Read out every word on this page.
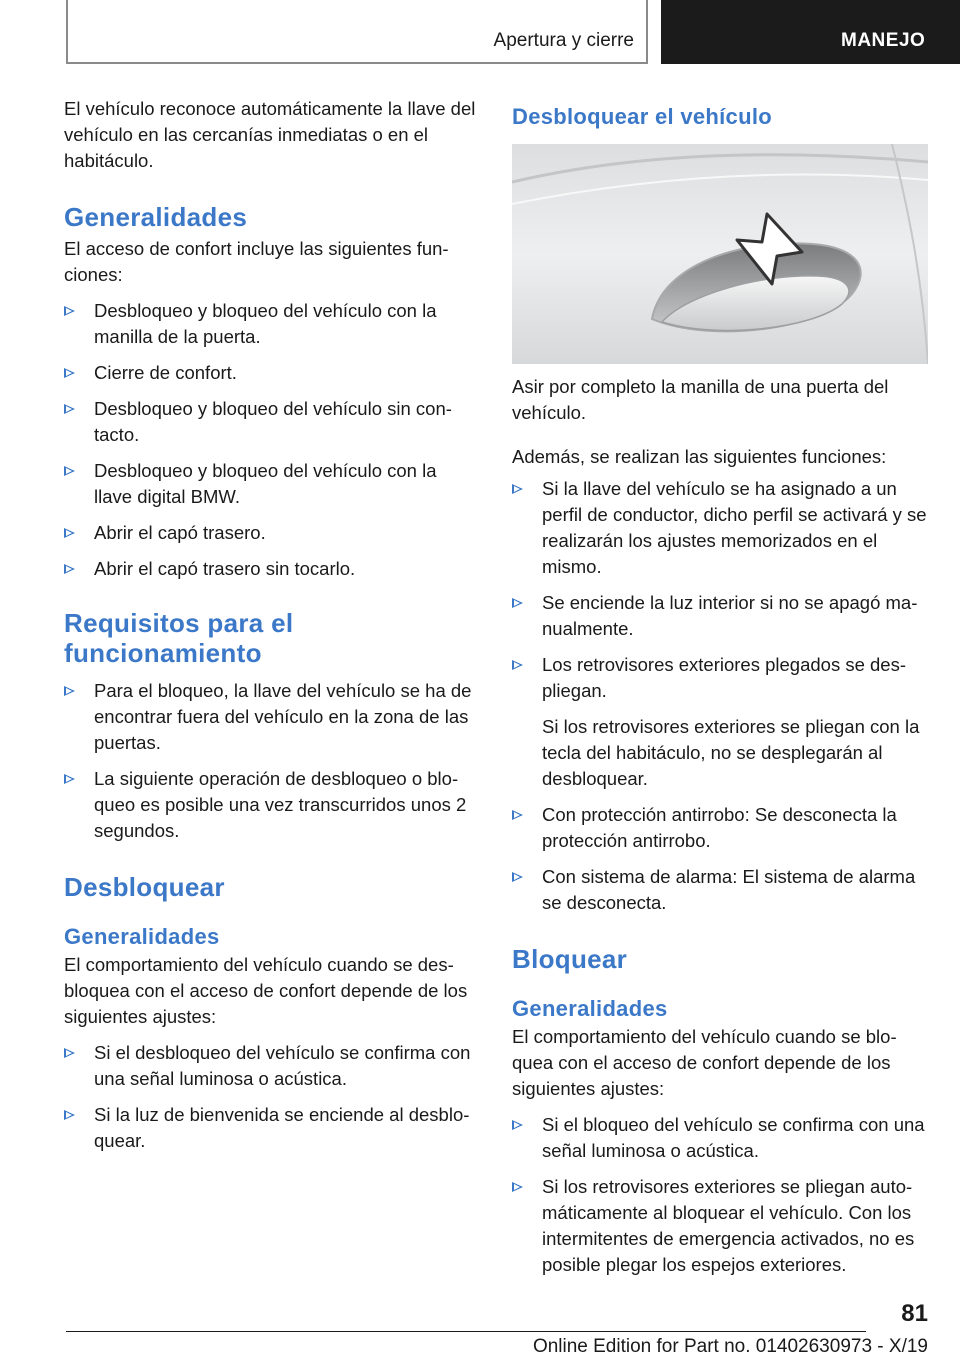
Apertura y cierre	MANEJO

El vehículo reconoce automáticamente la llave del vehículo en las cercanías inmediatas o en el habitáculo.

Generalidades

El acceso de confort incluye las siguientes fun-ciones:

Desbloqueo y bloqueo del vehículo con la manilla de la puerta.
Cierre de confort.
Desbloqueo y bloqueo del vehículo sin con-tacto.
Desbloqueo y bloqueo del vehículo con la llave digital BMW.
Abrir el capó trasero.
Abrir el capó trasero sin tocarlo.
Requisitos para el
funcionamiento
Para el bloqueo, la llave del vehículo se ha de encontrar fuera del vehículo en la zona de las puertas.
La siguiente operación de desbloqueo o blo-queo es posible una vez transcurridos unos 2 segundos.
Desbloquear
Generalidades

El comportamiento del vehículo cuando se des-bloquea con el acceso de confort depende de los siguientes ajustes:

Si el desbloqueo del vehículo se confirma con una señal luminosa o acústica.
Si la luz de bienvenida se enciende al desblo-quear.
Desbloquear el vehículo

Asir por completo la manilla de una puerta del vehículo.

Además, se realizan las siguientes funciones:

Si la llave del vehículo se ha asignado a un perfil de conductor, dicho perfil se activará y se realizarán los ajustes memorizados en el mismo.
Se enciende la luz interior si no se apagó ma-nualmente.
Los retrovisores exteriores plegados se des-pliegan.

Si los retrovisores exteriores se pliegan con la tecla del habitáculo, no se desplegarán al desbloquear.

Con protección antirrobo: Se desconecta la protección antirrobo.
Con sistema de alarma: El sistema de alarma se desconecta.
Bloquear
Generalidades

El comportamiento del vehículo cuando se blo-quea con el acceso de confort depende de los siguientes ajustes:

Si el bloqueo del vehículo se confirma con una señal luminosa o acústica.
Si los retrovisores exteriores se pliegan auto-máticamente al bloquear el vehículo. Con los intermitentes de emergencia activados, no es posible plegar los espejos exteriores.
81
Online Edition for Part no. 01402630973 - X/19
